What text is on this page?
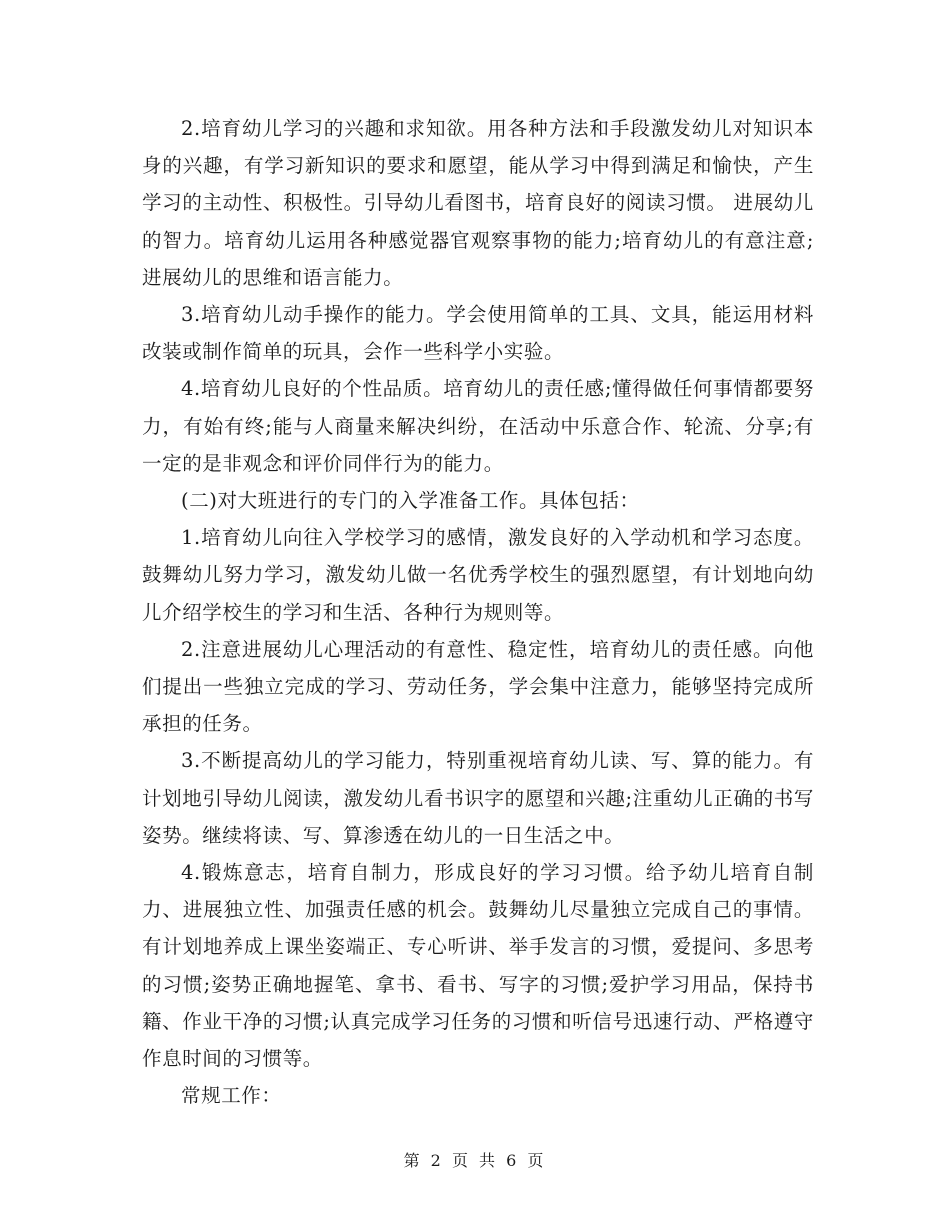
2.培育幼儿学习的兴趣和求知欲。用各种方法和手段激发幼儿对知识本身的兴趣，有学习新知识的要求和愿望，能从学习中得到满足和愉快，产生学习的主动性、积极性。引导幼儿看图书，培育良好的阅读习惯。 进展幼儿的智力。培育幼儿运用各种感觉器官观察事物的能力;培育幼儿的有意注意;进展幼儿的思维和语言能力。

3.培育幼儿动手操作的能力。学会使用简单的工具、文具，能运用材料改装或制作简单的玩具，会作一些科学小实验。

4.培育幼儿良好的个性品质。培育幼儿的责任感;懂得做任何事情都要努力，有始有终;能与人商量来解决纠纷，在活动中乐意合作、轮流、分享;有一定的是非观念和评价同伴行为的能力。

(二)对大班进行的专门的入学准备工作。具体包括：

1.培育幼儿向往入学校学习的感情，激发良好的入学动机和学习态度。鼓舞幼儿努力学习，激发幼儿做一名优秀学校生的强烈愿望，有计划地向幼儿介绍学校生的学习和生活、各种行为规则等。

2.注意进展幼儿心理活动的有意性、稳定性，培育幼儿的责任感。向他们提出一些独立完成的学习、劳动任务，学会集中注意力，能够坚持完成所承担的任务。

3.不断提高幼儿的学习能力，特别重视培育幼儿读、写、算的能力。有计划地引导幼儿阅读，激发幼儿看书识字的愿望和兴趣;注重幼儿正确的书写姿势。继续将读、写、算渗透在幼儿的一日生活之中。

4.锻炼意志，培育自制力，形成良好的学习习惯。给予幼儿培育自制力、进展独立性、加强责任感的机会。鼓舞幼儿尽量独立完成自己的事情。有计划地养成上课坐姿端正、专心听讲、举手发言的习惯，爱提问、多思考的习惯;姿势正确地握笔、拿书、看书、写字的习惯;爱护学习用品，保持书籍、作业干净的习惯;认真完成学习任务的习惯和听信号迅速行动、严格遵守作息时间的习惯等。

常规工作：

第 2 页 共 6 页
